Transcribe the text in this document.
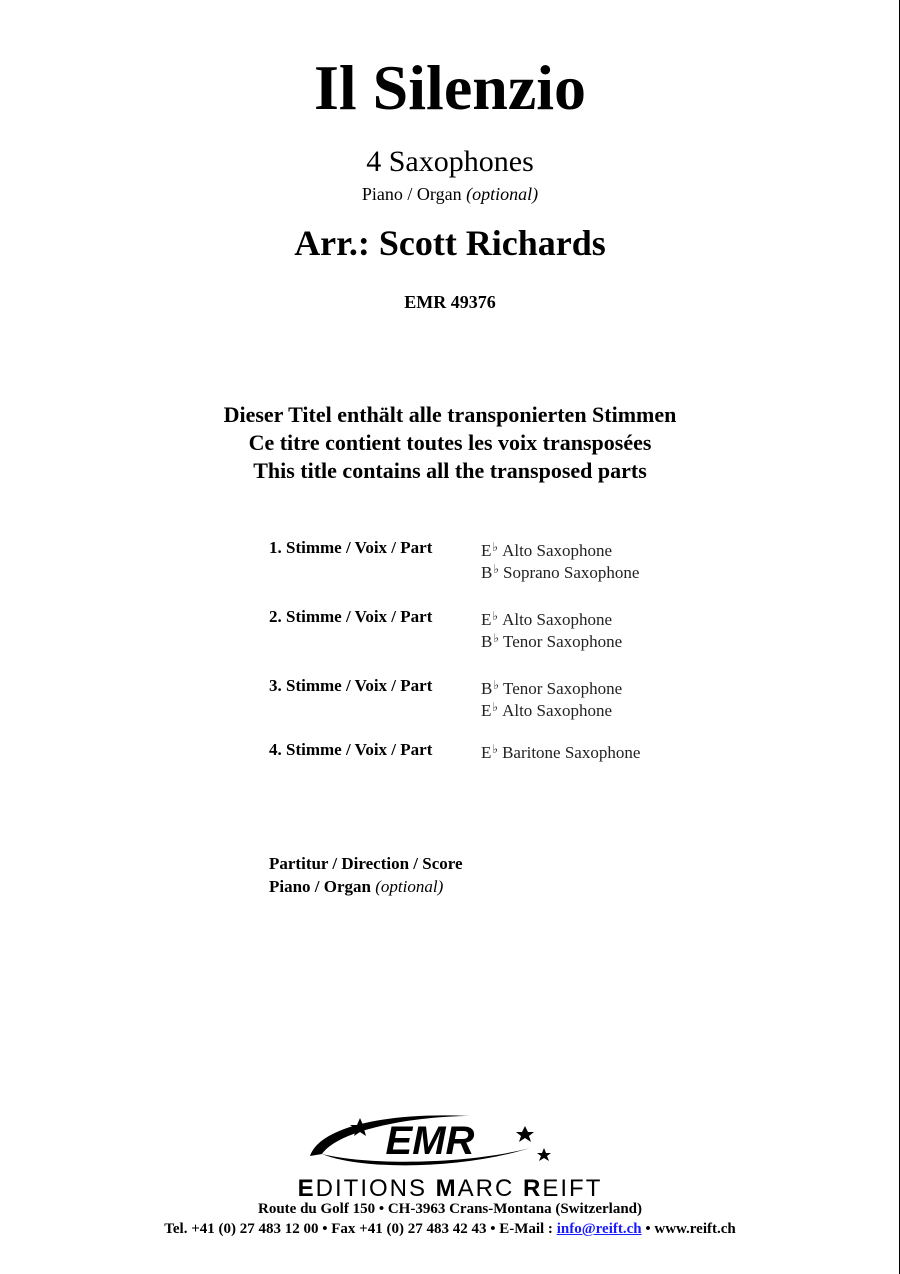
Il Silenzio
4 Saxophones
Piano / Organ (optional)
Arr.: Scott Richards
EMR 49376
Dieser Titel enthält alle transponierten Stimmen
Ce titre contient toutes les voix transposées
This title contains all the transposed parts
1. Stimme / Voix / Part	E♭ Alto Saxophone
B♭ Soprano Saxophone
2. Stimme / Voix / Part	E♭ Alto Saxophone
B♭ Tenor Saxophone
3. Stimme / Voix / Part	B♭ Tenor Saxophone
E♭ Alto Saxophone
4. Stimme / Voix / Part	E♭ Baritone Saxophone
Partitur / Direction / Score
Piano / Organ (optional)
EMR
EDITIONS MARC REIFT
Route du Golf 150 • CH-3963 Crans-Montana (Switzerland)
Tel. +41 (0) 27 483 12 00 • Fax +41 (0) 27 483 42 43 • E-Mail : info@reift.ch • www.reift.ch
